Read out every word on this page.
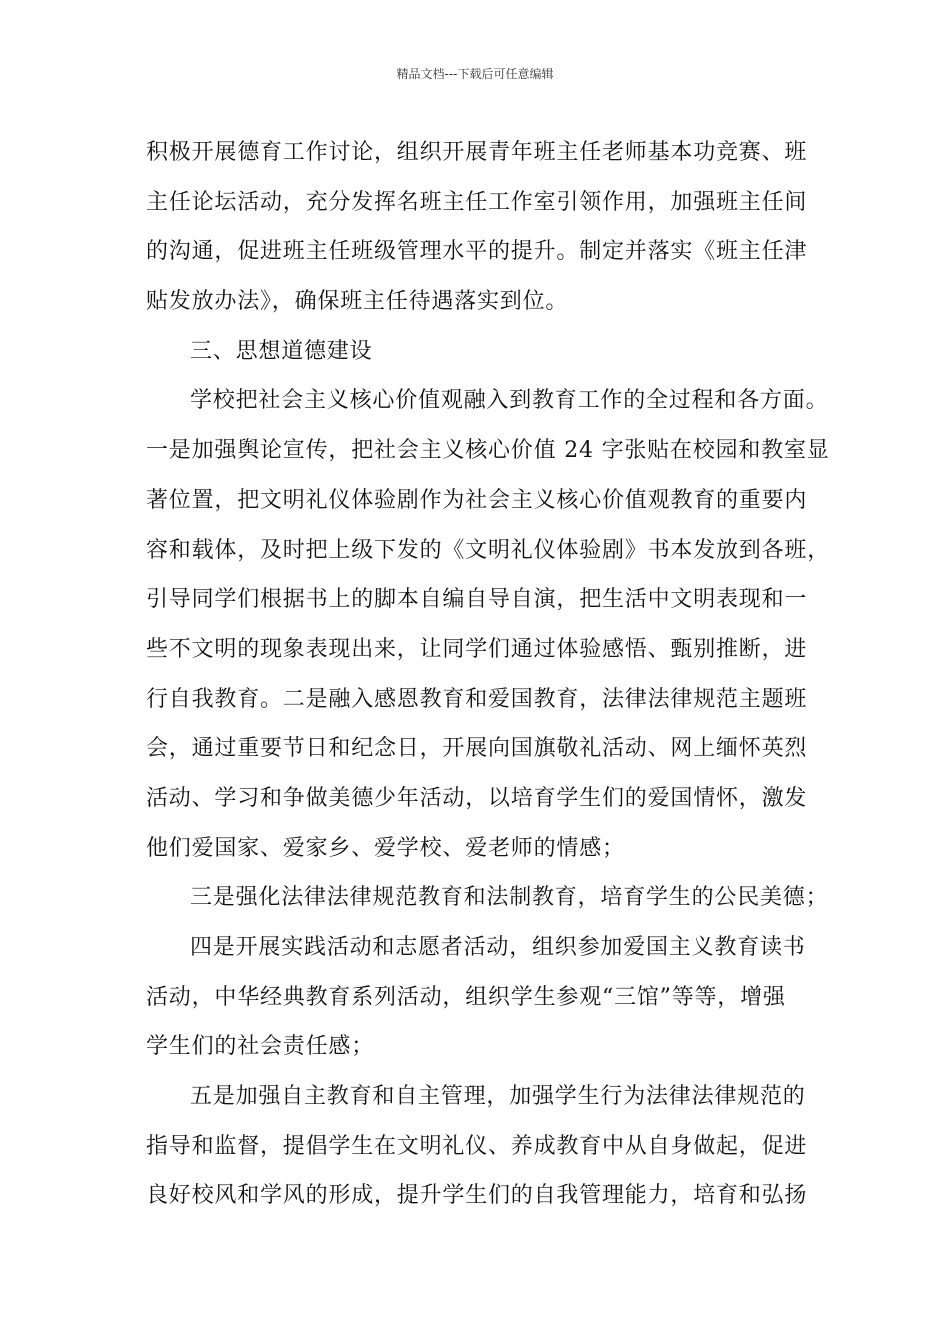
精品文档---下载后可任意编辑
积极开展德育工作讨论，组织开展青年班主任老师基本功竞赛、班
主任论坛活动，充分发挥名班主任工作室引领作用，加强班主任间
的沟通，促进班主任班级管理水平的提升。制定并落实《班主任津
贴发放办法》，确保班主任待遇落实到位。
三、思想道德建设
学校把社会主义核心价值观融入到教育工作的全过程和各方面。
一是加强舆论宣传，把社会主义核心价值 24 字张贴在校园和教室显
著位置，把文明礼仪体验剧作为社会主义核心价值观教育的重要内
容和载体，及时把上级下发的《文明礼仪体验剧》书本发放到各班，
引导同学们根据书上的脚本自编自导自演，把生活中文明表现和一
些不文明的现象表现出来，让同学们通过体验感悟、甄别推断，进
行自我教育。二是融入感恩教育和爱国教育，法律法律规范主题班
会，通过重要节日和纪念日，开展向国旗敬礼活动、网上缅怀英烈
活动、学习和争做美德少年活动，以培育学生们的爱国情怀，激发
他们爱国家、爱家乡、爱学校、爱老师的情感；
三是强化法律法律规范教育和法制教育，培育学生的公民美德；
四是开展实践活动和志愿者活动，组织参加爱国主义教育读书
活动，中华经典教育系列活动，组织学生参观“三馆”等等，增强
学生们的社会责任感；
五是加强自主教育和自主管理，加强学生行为法律法律规范的
指导和监督，提倡学生在文明礼仪、养成教育中从自身做起，促进
良好校风和学风的形成，提升学生们的自我管理能力，培育和弘扬
